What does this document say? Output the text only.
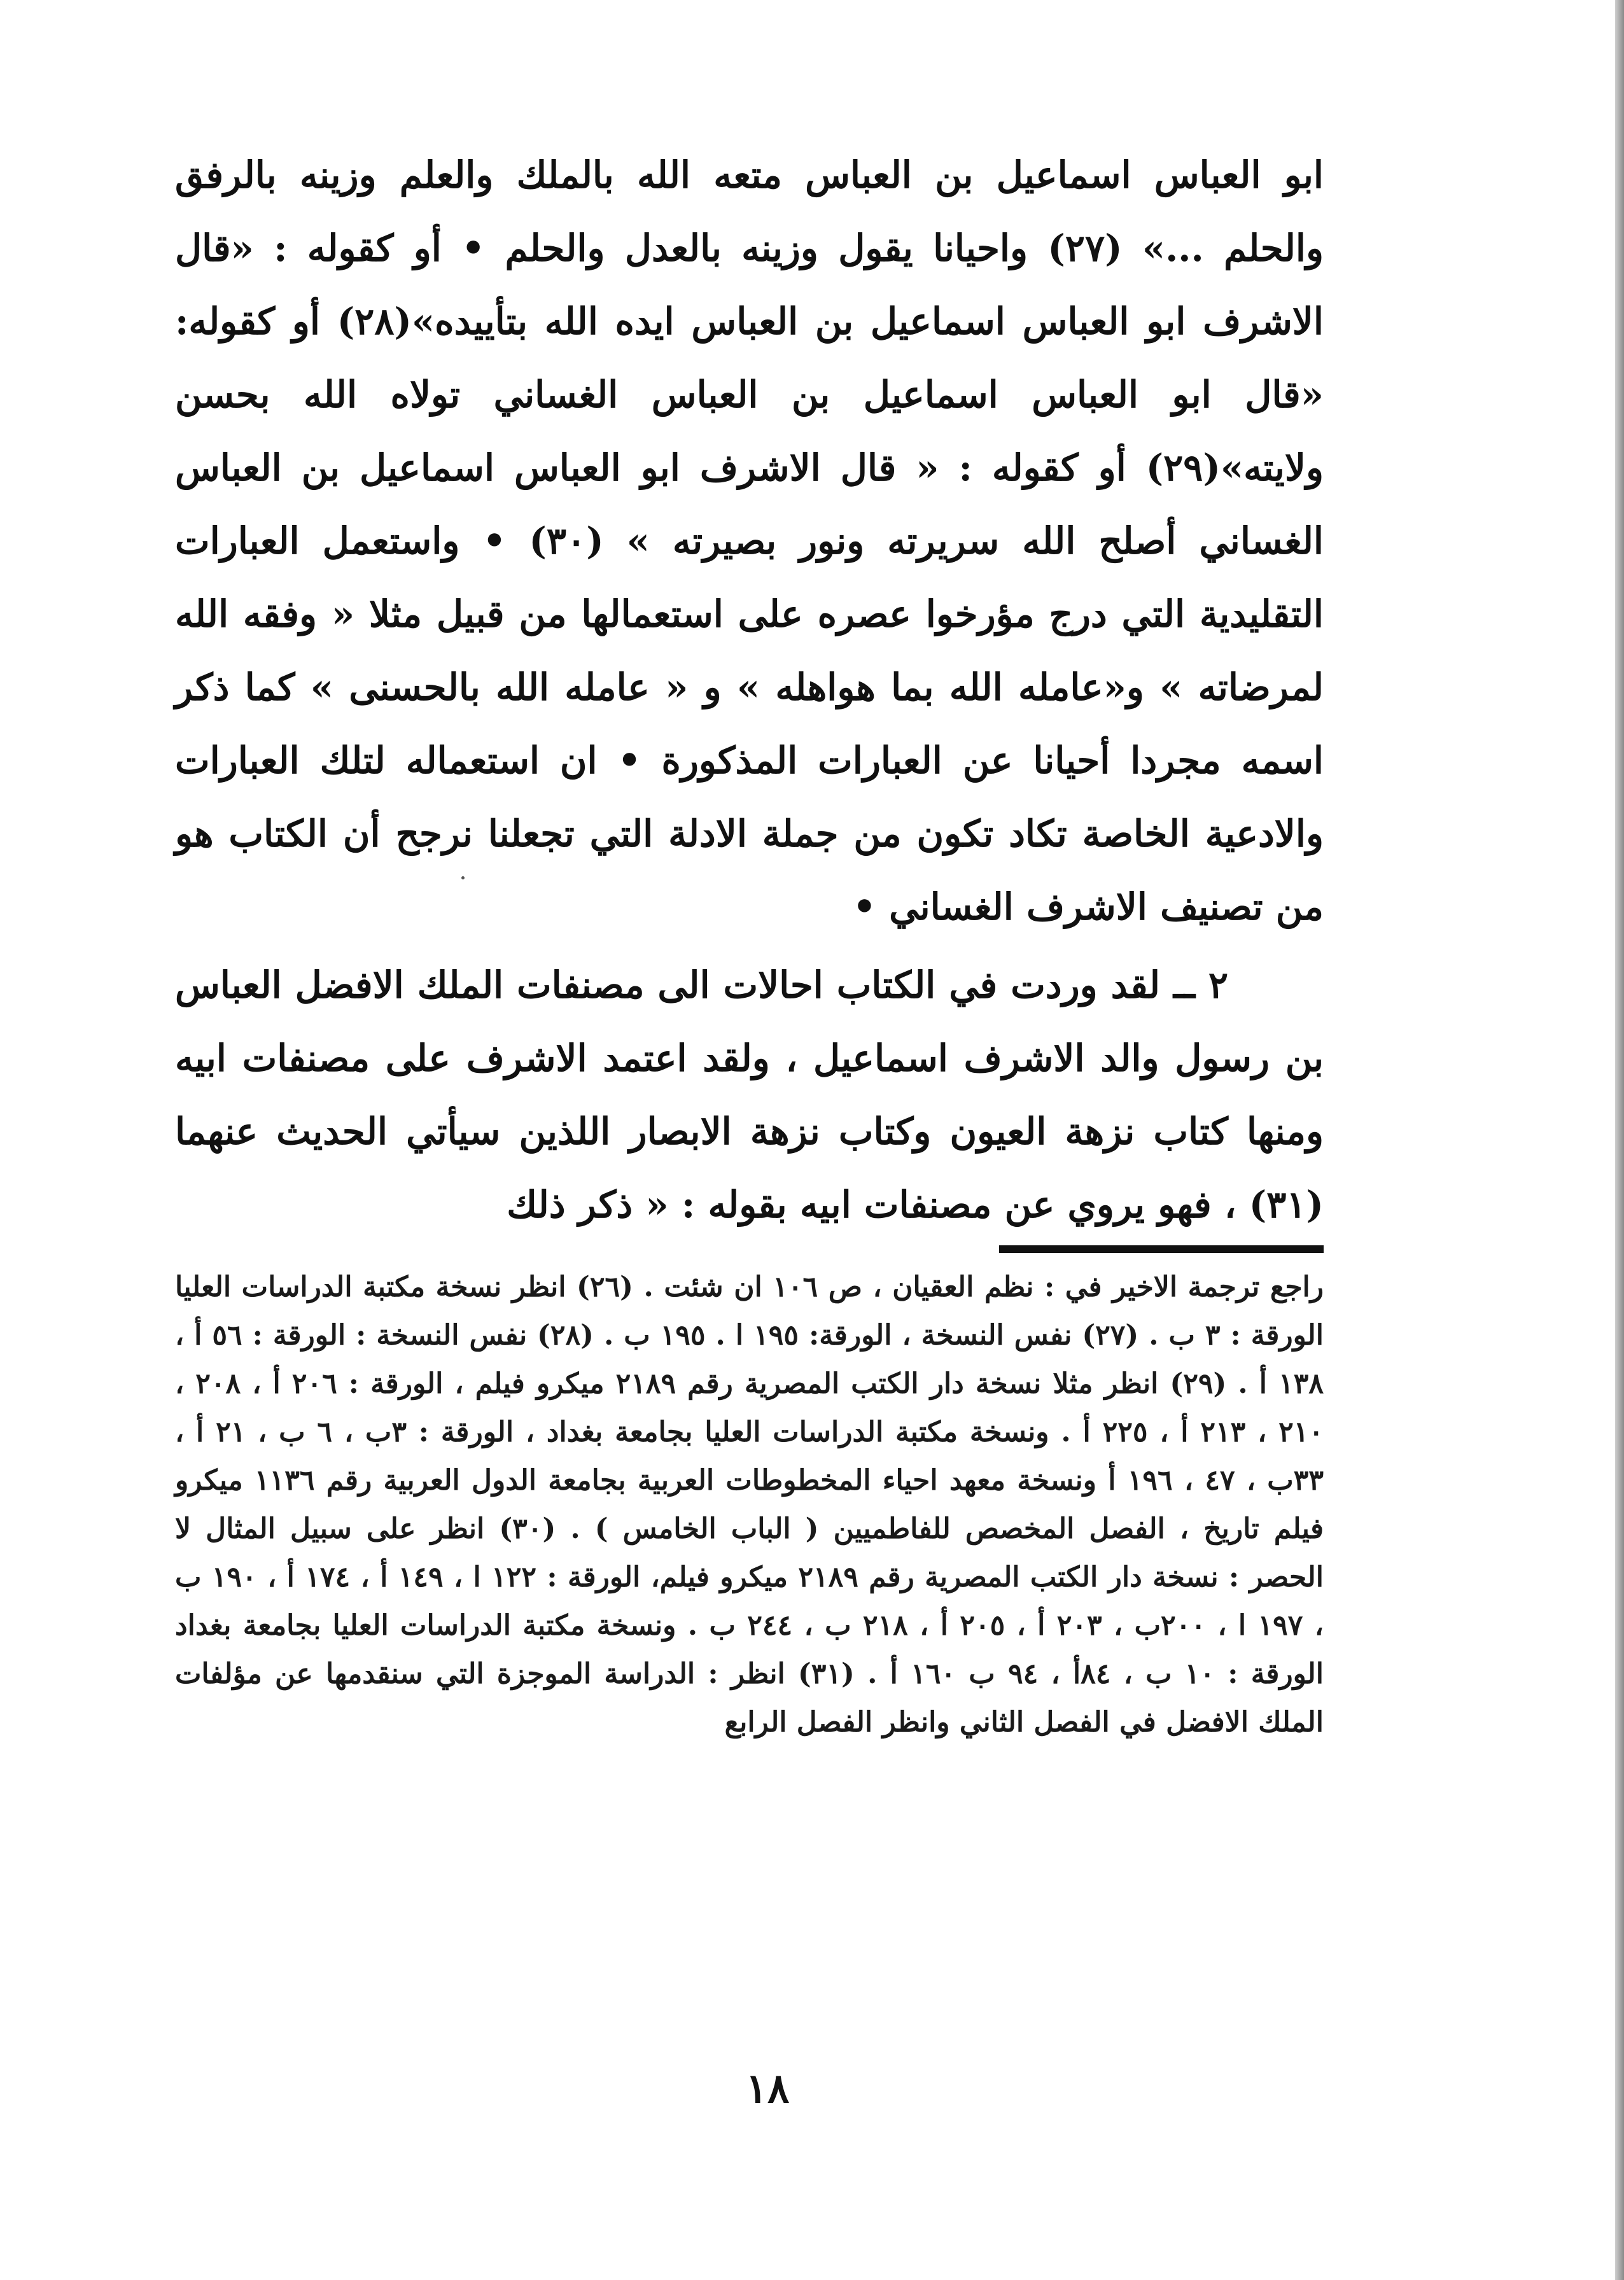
ابو العباس اسماعيل بن العباس متعه الله بالملك والعلم وزينه بالرفق والحلم ...» (٢٧) واحيانا يقول وزينه بالعدل والحلم • أو كقوله : «قال الاشرف ابو العباس اسماعيل بن العباس ايده الله بتأييده»(٢٨) أو كقوله: «قال ابو العباس اسماعيل بن العباس الغساني تولاه الله بحسن ولايته»(٢٩) أو كقوله : « قال الاشرف ابو العباس اسماعيل بن العباس الغساني أصلح الله سريرته ونور بصيرته » (٣٠) • واستعمل العبارات التقليدية التي درج مؤرخوا عصره على استعمالها من قبيل مثلا « وفقه الله لمرضاته » و«عامله الله بما هواهله » و « عامله الله بالحسنى » كما ذكر اسمه مجردا أحيانا عن العبارات المذكورة • ان استعماله لتلك العبارات والادعية الخاصة تكاد تكون من جملة الادلة التي تجعلنا نرجح أن الكتاب هو من تصنيف الاشرف الغساني •

٢ ــ لقد وردت في الكتاب احالات الى مصنفات الملك الافضل العباس بن رسول والد الاشرف اسماعيل ، ولقد اعتمد الاشرف على مصنفات ابيه ومنها كتاب نزهة العيون وكتاب نزهة الابصار اللذين سيأتي الحديث عنهما (٣١) ، فهو يروي عن مصنفات ابيه بقوله : « ذكر ذلك

راجع ترجمة الاخير في : نظم العقيان ، ص ١٠٦ ان شئت . (٢٦) انظر نسخة مكتبة الدراسات العليا الورقة : ٣ ب . (٢٧) نفس النسخة ، الورقة: ١٩٥ ا . ١٩٥ ب . (٢٨) نفس النسخة : الورقة : ٥٦ أ ، ١٣٨ أ . (٢٩) انظر مثلا نسخة دار الكتب المصرية رقم ٢١٨٩ ميكرو فيلم ، الورقة : ٢٠٦ أ ، ٢٠٨ ، ٢١٠ ، ٢١٣ أ ، ٢٢٥ أ . ونسخة مكتبة الدراسات العليا بجامعة بغداد ، الورقة : ٣ب ، ٦ ب ، ٢١ أ ، ٣٣ب ، ٤٧ ، ١٩٦ أ ونسخة معهد احياء المخطوطات العربية بجامعة الدول العربية رقم ١١٣٦ ميكرو فيلم تاريخ ، الفصل المخصص للفاطميين ( الباب الخامس ) . (٣٠) انظر على سبيل المثال لا الحصر : نسخة دار الكتب المصرية رقم ٢١٨٩ ميكرو فيلم، الورقة : ١٢٢ ا ، ١٤٩ أ ، ١٧٤ أ ، ١٩٠ ب ، ١٩٧ ا ، ٢٠٠ب ، ٢٠٣ أ ، ٢٠٥ أ ، ٢١٨ ب ، ٢٤٤ ب . ونسخة مكتبة الدراسات العليا بجامعة بغداد الورقة : ١٠ ب ، ٨٤أ ، ٩٤ ب ١٦٠ أ . (٣١) انظر : الدراسة الموجزة التي سنقدمها عن مؤلفات الملك الافضل في الفصل الثاني وانظر الفصل الرابع

١٨
